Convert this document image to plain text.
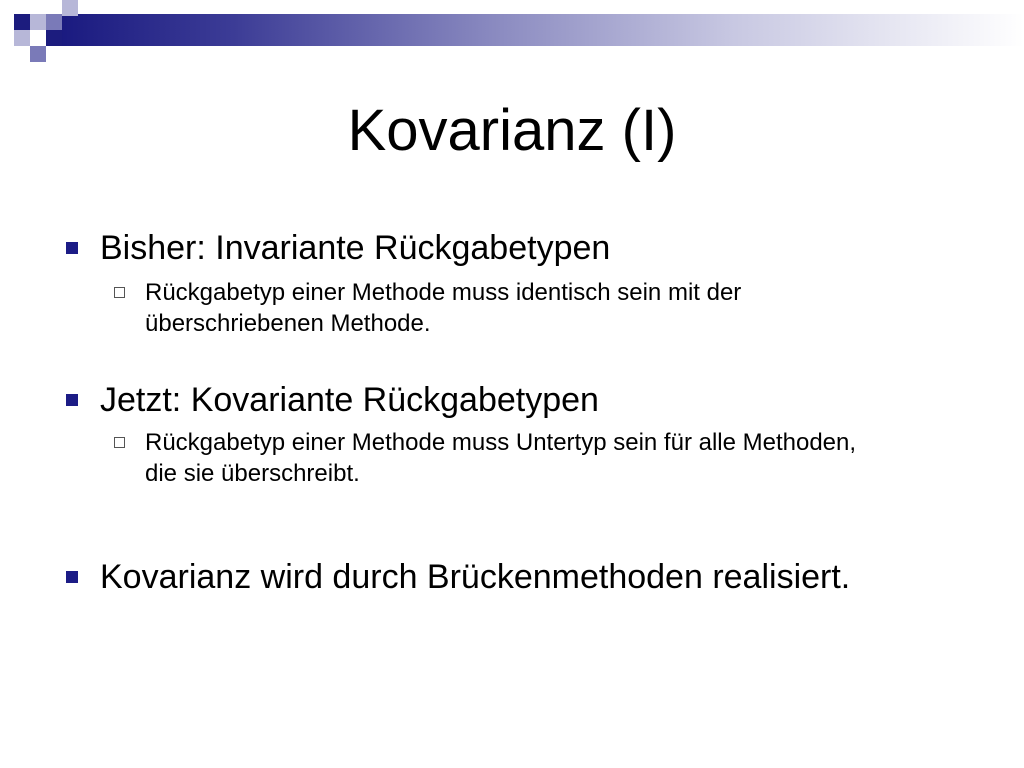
Kovarianz (I)
Bisher: Invariante Rückgabetypen
Rückgabetyp einer Methode muss identisch sein mit der überschriebenen Methode.
Jetzt: Kovariante Rückgabetypen
Rückgabetyp einer Methode muss Untertyp sein für alle Methoden, die sie überschreibt.
Kovarianz wird durch Brückenmethoden realisiert.
